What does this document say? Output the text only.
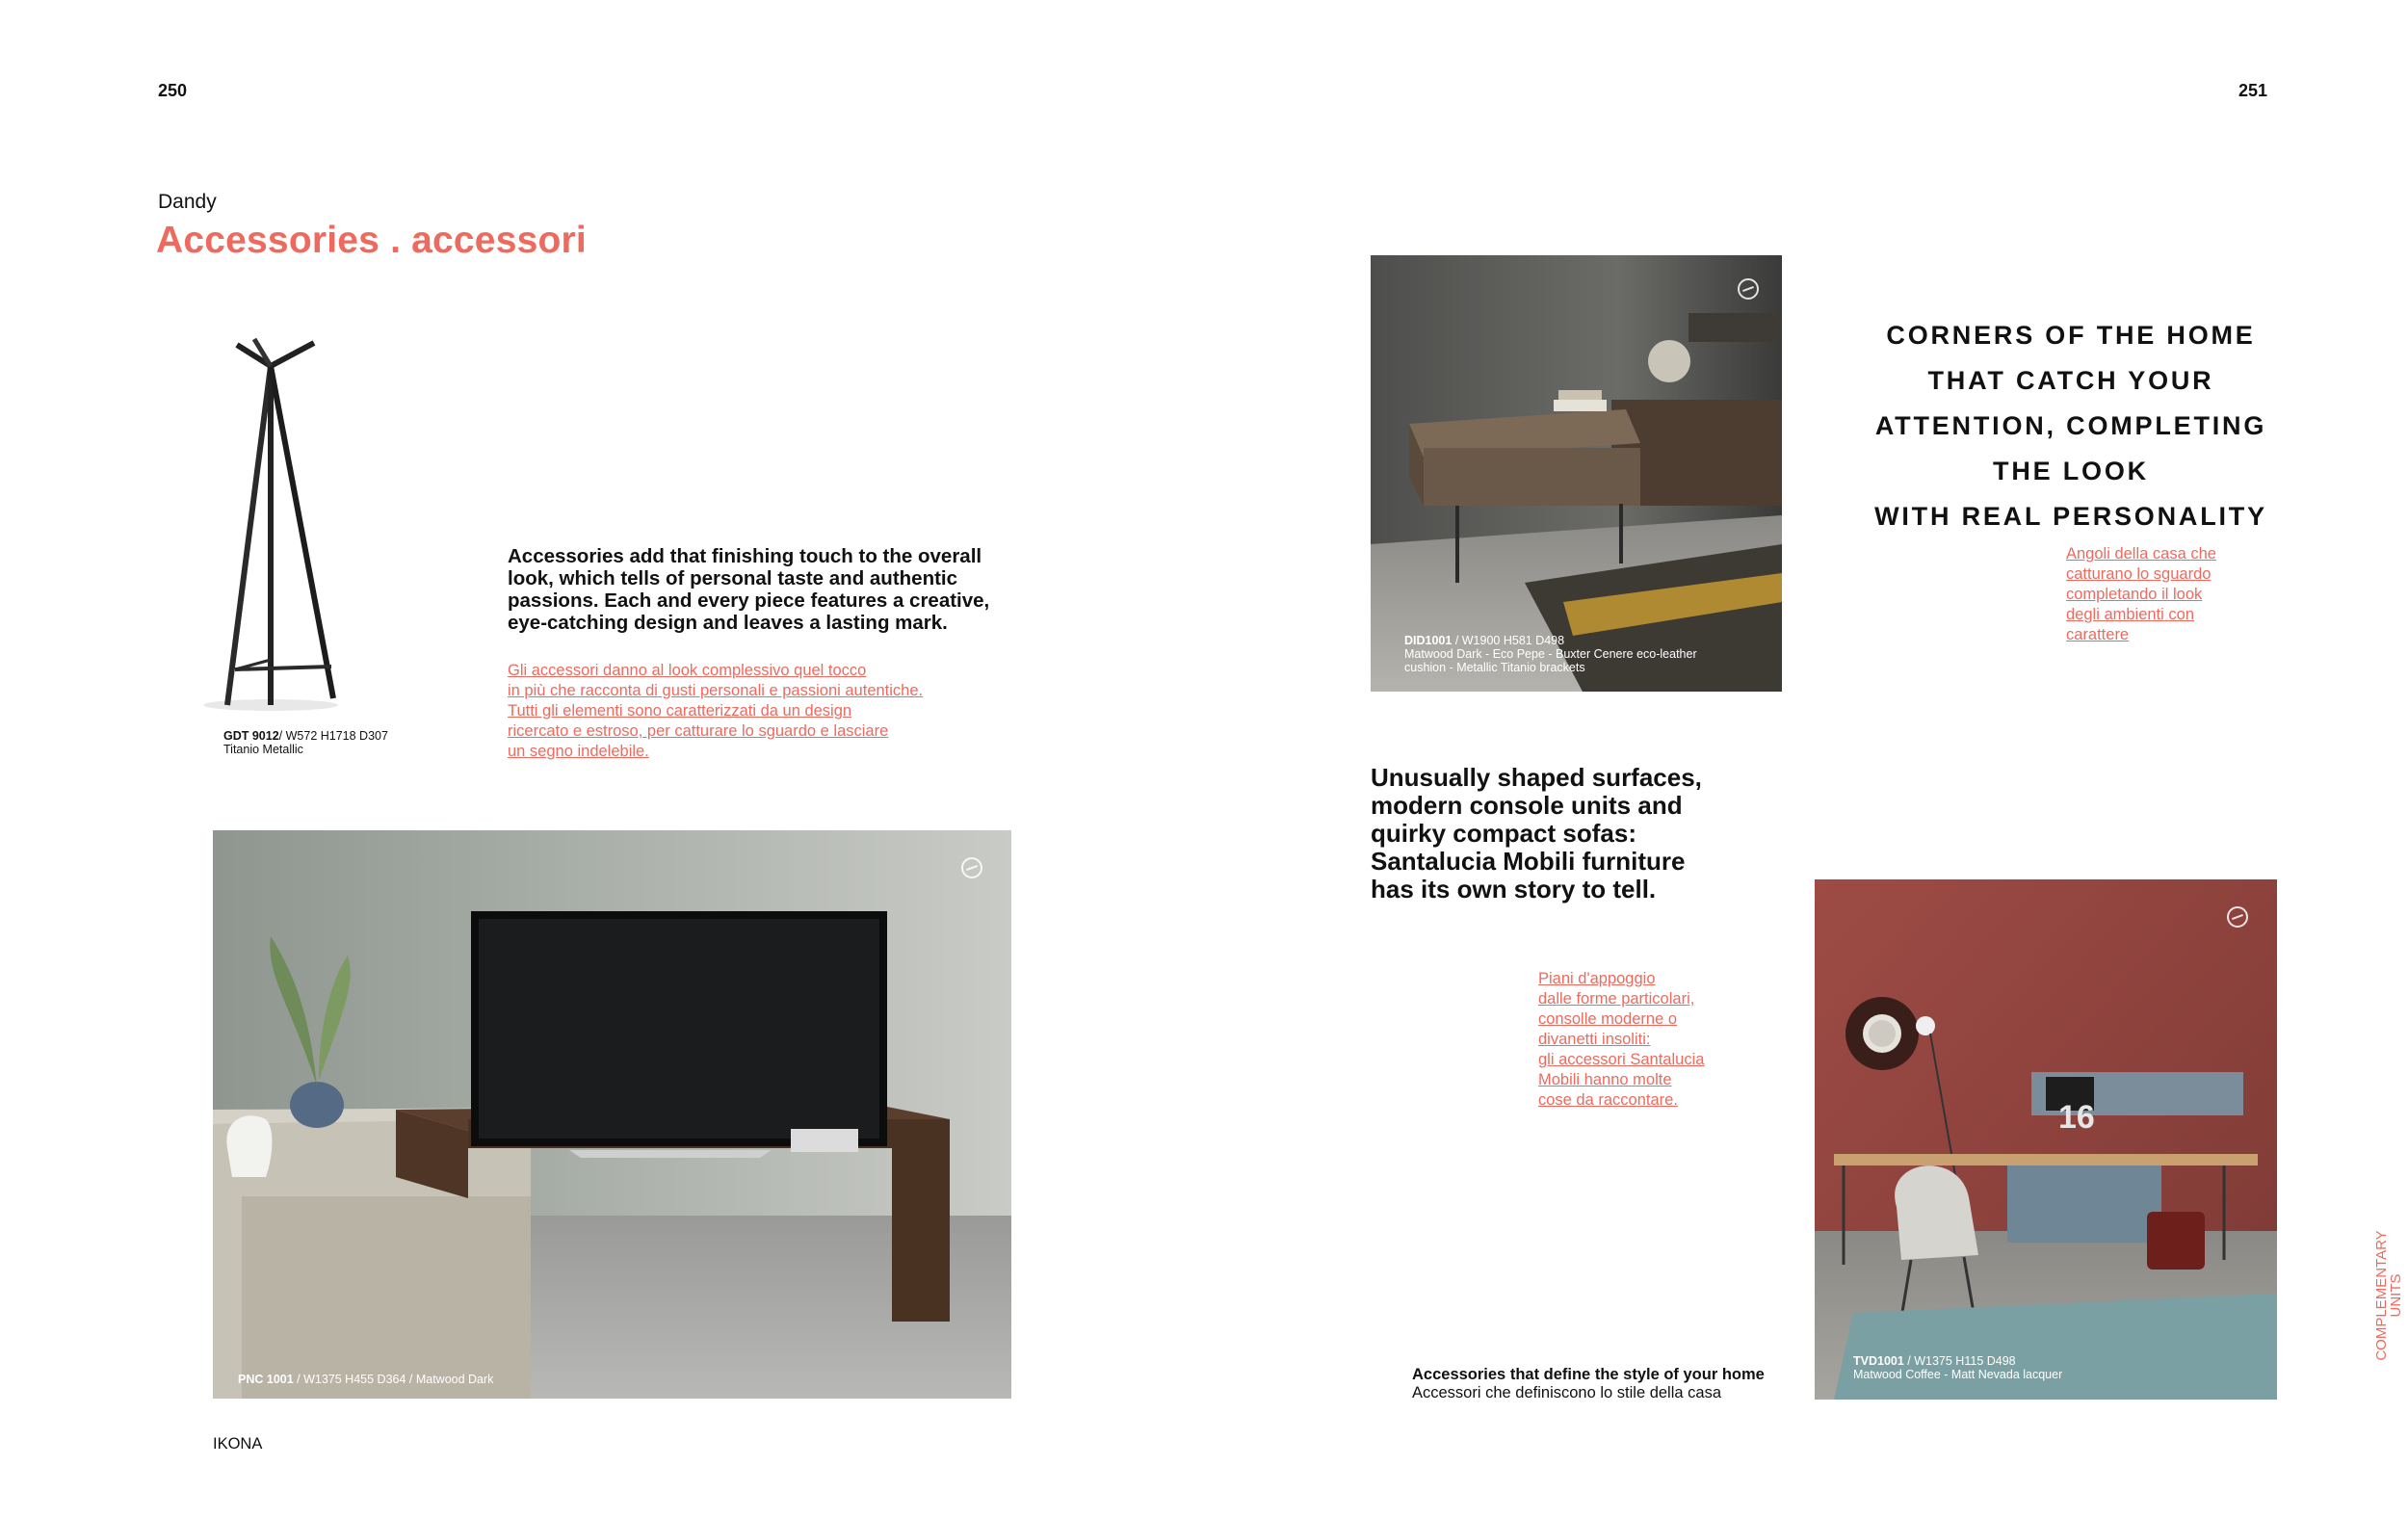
250
Dandy
Accessories . accessori
GDT 9012/ W572 H1718 D307
Titanio Metallic
Accessories add that finishing touch to the overall look, which tells of personal taste and authentic passions. Each and every piece features a creative, eye-catching design and leaves a lasting mark.
Gli accessori danno al look complessivo quel tocco
in più che racconta di gusti personali e passioni autentiche.
Tutti gli elementi sono caratterizzati da un design
ricercato e estroso, per catturare lo sguardo e lasciare
un segno indelebile.
PNC 1001 / W1375 H455 D364 / Matwood Dark
IKONA
251
DID1001 / W1900 H581 D498
Matwood Dark - Eco Pepe - Buxter Cenere eco-leather
cushion - Metallic Titanio brackets
CORNERS OF THE HOME
THAT CATCH YOUR
ATTENTION, COMPLETING
THE LOOK
WITH REAL PERSONALITY
Angoli della casa che
catturano lo sguardo
completando il look
degli ambienti con
carattere
Unusually shaped surfaces,
modern console units and
quirky compact sofas:
Santalucia Mobili furniture
has its own story to tell.
Piani d'appoggio
dalle forme particolari,
consolle moderne o
divanetti insoliti:
gli accessori Santalucia
Mobili hanno molte
cose da raccontare.
Accessories that define the style of your home
Accessori che definiscono lo stile della casa
16
TVD1001 / W1375 H115 D498
Matwood Coffee - Matt Nevada lacquer
COMPLEMENTARY
UNITS
